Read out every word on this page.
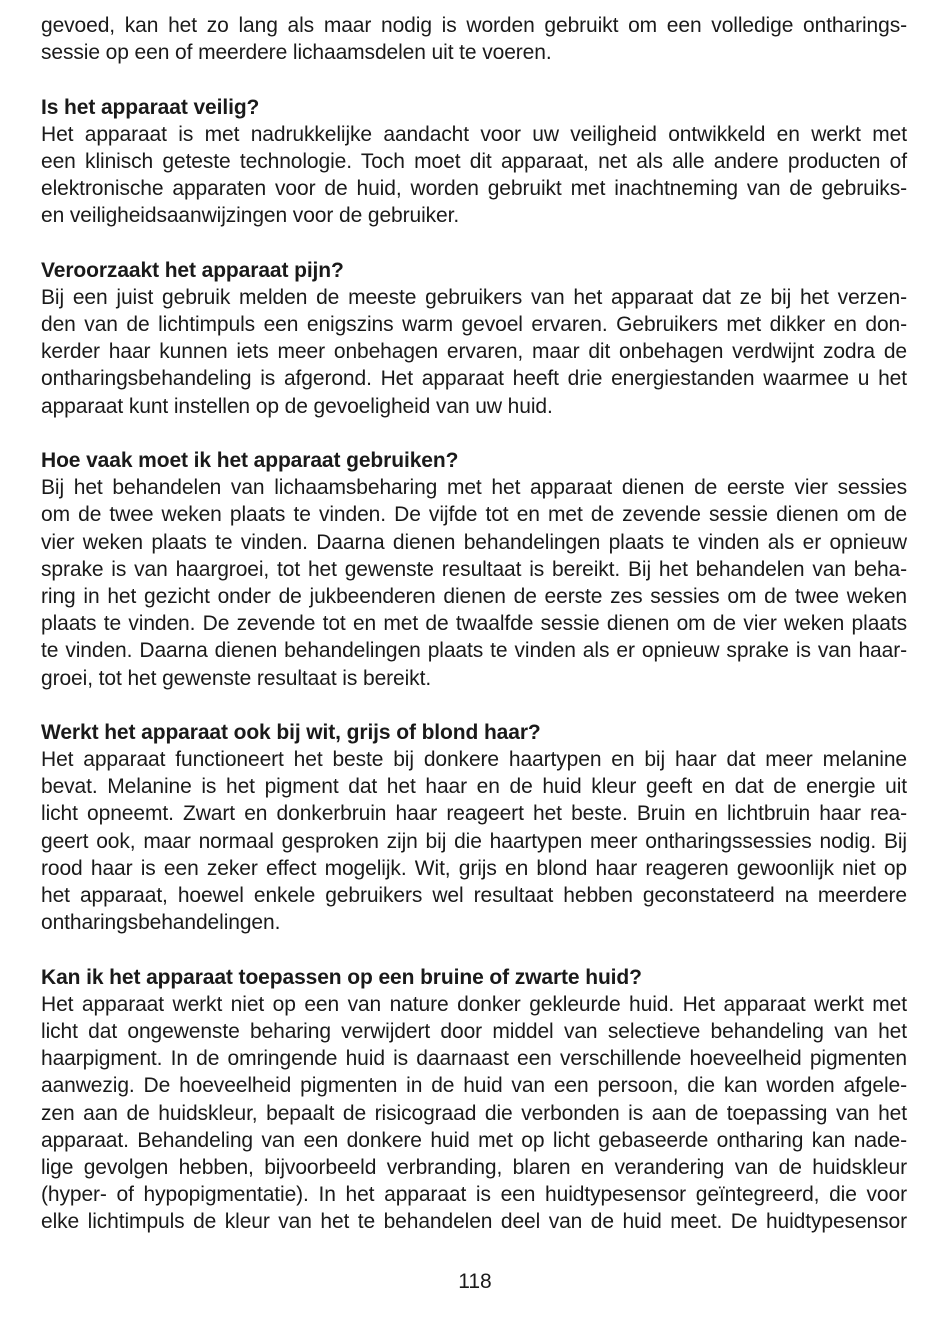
gevoed, kan het zo lang als maar nodig is worden gebruikt om een volledige ontharings-
sessie op een of meerdere lichaamsdelen uit te voeren.
Is het apparaat veilig?
Het apparaat is met nadrukkelijke aandacht voor uw veiligheid ontwikkeld en werkt met
een klinisch geteste technologie. Toch moet dit apparaat, net als alle andere producten of
elektronische apparaten voor de huid, worden gebruikt met inachtneming van de gebruiks-
en veiligheidsaanwijzingen voor de gebruiker.
Veroorzaakt het apparaat pijn?
Bij een juist gebruik melden de meeste gebruikers van het apparaat dat ze bij het verzen-
den van de lichtimpuls een enigszins warm gevoel ervaren. Gebruikers met dikker en don-
kerder haar kunnen iets meer onbehagen ervaren, maar dit onbehagen verdwijnt zodra de
ontharingsbehandeling is afgerond. Het apparaat heeft drie energiestanden waarmee u het
apparaat kunt instellen op de gevoeligheid van uw huid.
Hoe vaak moet ik het apparaat gebruiken?
Bij het behandelen van lichaamsbeharing met het apparaat dienen de eerste vier sessies
om de twee weken plaats te vinden. De vijfde tot en met de zevende sessie dienen om de
vier weken plaats te vinden. Daarna dienen behandelingen plaats te vinden als er opnieuw
sprake is van haargroei, tot het gewenste resultaat is bereikt. Bij het behandelen van beha-
ring in het gezicht onder de jukbeenderen dienen de eerste zes sessies om de twee weken
plaats te vinden. De zevende tot en met de twaalfde sessie dienen om de vier weken plaats
te vinden. Daarna dienen behandelingen plaats te vinden als er opnieuw sprake is van haar-
groei, tot het gewenste resultaat is bereikt.
Werkt het apparaat ook bij wit, grijs of blond haar?
Het apparaat functioneert het beste bij donkere haartypen en bij haar dat meer melanine
bevat. Melanine is het pigment dat het haar en de huid kleur geeft en dat de energie uit
licht opneemt. Zwart en donkerbruin haar reageert het beste. Bruin en lichtbruin haar rea-
geert ook, maar normaal gesproken zijn bij die haartypen meer ontharingssessies nodig. Bij
rood haar is een zeker effect mogelijk. Wit, grijs en blond haar reageren gewoonlijk niet op
het apparaat, hoewel enkele gebruikers wel resultaat hebben geconstateerd na meerdere
ontharingsbehandelingen.
Kan ik het apparaat toepassen op een bruine of zwarte huid?
Het apparaat werkt niet op een van nature donker gekleurde huid. Het apparaat werkt met
licht dat ongewenste beharing verwijdert door middel van selectieve behandeling van het
haarpigment. In de omringende huid is daarnaast een verschillende hoeveelheid pigmenten
aanwezig. De hoeveelheid pigmenten in de huid van een persoon, die kan worden afgele-
zen aan de huidskleur, bepaalt de risicograad die verbonden is aan de toepassing van het
apparaat. Behandeling van een donkere huid met op licht gebaseerde ontharing kan nade-
lige gevolgen hebben, bijvoorbeeld verbranding, blaren en verandering van de huidskleur
(hyper- of hypopigmentatie). In het apparaat is een huidtypesensor geïntegreerd, die voor
elke lichtimpuls de kleur van het te behandelen deel van de huid meet. De huidtypesensor
118
